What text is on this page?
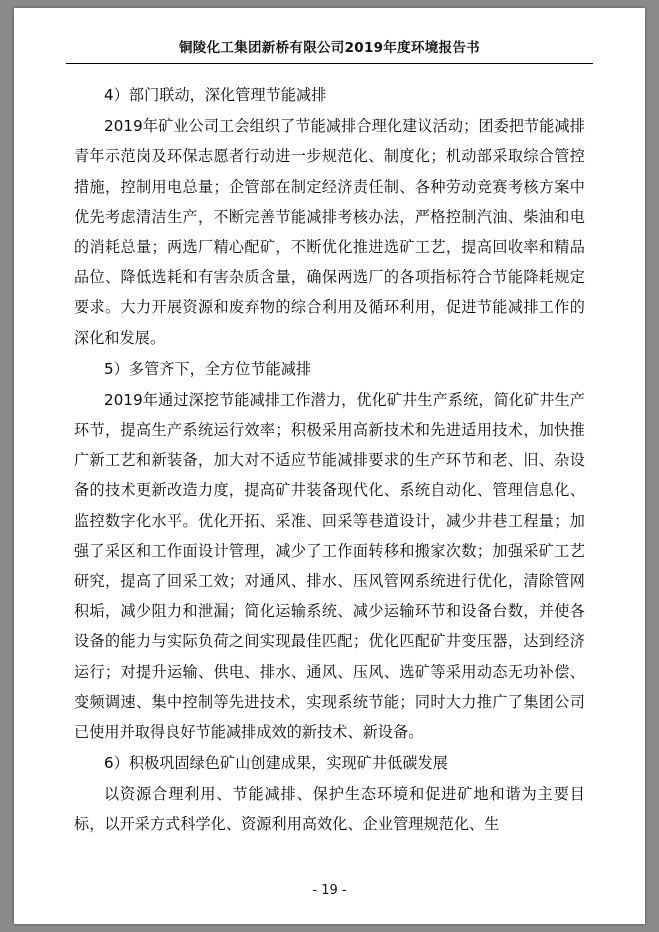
铜陵化工集团新桥有限公司2019年度环境报告书

4）部门联动，深化管理节能减排

2019年矿业公司工会组织了节能减排合理化建议活动；团委把节能减排青年示范岗及环保志愿者行动进一步规范化、制度化；机动部采取综合管控措施，控制用电总量；企管部在制定经济责任制、各种劳动竞赛考核方案中优先考虑清洁生产，不断完善节能减排考核办法，严格控制汽油、柴油和电的消耗总量；两选厂精心配矿，不断优化推进选矿工艺，提高回收率和精品品位、降低选耗和有害杂质含量，确保两选厂的各项指标符合节能降耗规定要求。大力开展资源和废弃物的综合利用及循环利用，促进节能减排工作的深化和发展。

5）多管齐下，全方位节能减排

2019年通过深挖节能减排工作潜力，优化矿井生产系统，简化矿井生产环节，提高生产系统运行效率；积极采用高新技术和先进适用技术，加快推广新工艺和新装备，加大对不适应节能减排要求的生产环节和老、旧、杂设备的技术更新改造力度，提高矿井装备现代化、系统自动化、管理信息化、监控数字化水平。优化开拓、采准、回采等巷道设计，减少井巷工程量；加强了采区和工作面设计管理，减少了工作面转移和搬家次数；加强采矿工艺研究，提高了回采工效；对通风、排水、压风管网系统进行优化，清除管网积垢，减少阻力和泄漏；简化运输系统、减少运输环节和设备台数，并使各设备的能力与实际负荷之间实现最佳匹配；优化匹配矿井变压器，达到经济运行；对提升运输、供电、排水、通风、压风、选矿等采用动态无功补偿、变频调速、集中控制等先进技术，实现系统节能；同时大力推广了集团公司已使用并取得良好节能减排成效的新技术、新设备。

6）积极巩固绿色矿山创建成果，实现矿井低碳发展

以资源合理利用、节能减排、保护生态环境和促进矿地和谐为主要目标，以开采方式科学化、资源利用高效化、企业管理规范化、生

- 19 -
